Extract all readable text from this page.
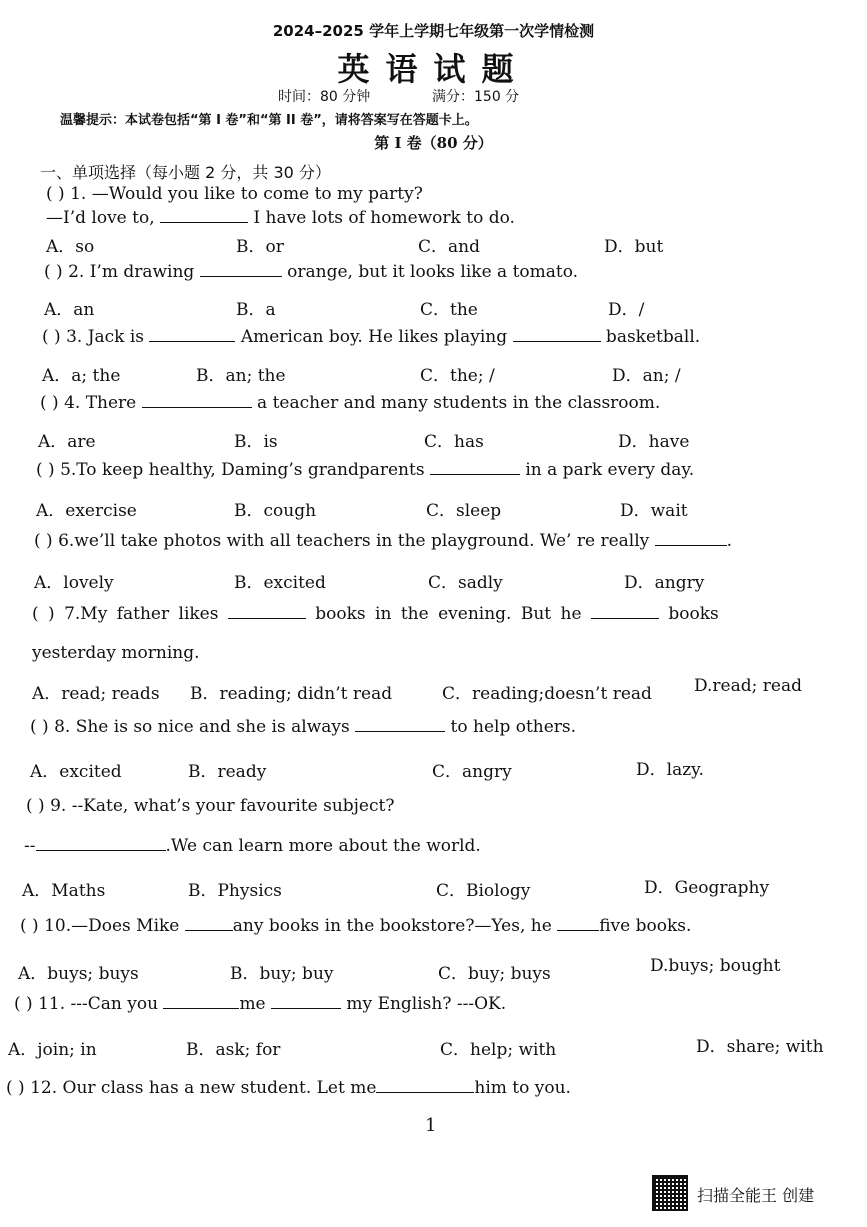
2024–2025 学年上学期七年级第一次学情检测
英语试题
时间：80 分钟	满分：150 分
温馨提示：本试卷包括“第 I 卷”和“第 II 卷”，请将答案写在答题卡上。
第 I 卷（80 分）
一、单项选择（每小题 2 分，共 30 分）
( ) 1. —Would you like to come to my party?
—I’d love to,	I have lots of homework to do.
A．so	B．or	C．and	D．but
( ) 2. I’m drawing	orange, but it looks like a tomato.
A．an	B．a	C．the	D．/
( ) 3. Jack is	American boy. He likes playing	basketball.
A．a; the	B．an; the	C．the; /	D．an; /
( ) 4. There	a teacher and many students in the classroom.
A．are	B．is	C．has	D．have
( ) 5.To keep healthy, Daming’s grandparents	in a park every day.
A．exercise	B．cough	C．sleep	D．wait
( ) 6.we’ll take photos with all teachers in the playground. We’ re really	.
A．lovely	B．excited	C．sadly	D．angry
( ) 7.My father likes	books in the evening. But he	books
yesterday morning.
A．read; reads B．reading; didn’t read	C．reading;doesn’t read D.read; read
( ) 8. She is so nice and she is always	to help others.
A．excited	B．ready	C．angry	D．lazy.
( ) 9. --Kate, what’s your favourite subject?
--	.We can learn more about the world.
A．Maths	B．Physics	C．Biology	D．Geography
( ) 10.—Does Mike	any books in the bookstore?—Yes, he five books.
A．buys; buys	B．buy; buy	C．buy; buys	D.buys; bought
( ) 11. ---Can you	me	my English? ---OK.
A．join; in	B．ask; for	C．help; with	D．share; with
( ) 12. Our class has a new student. Let me	him to you.
1
扫描全能王 创建
